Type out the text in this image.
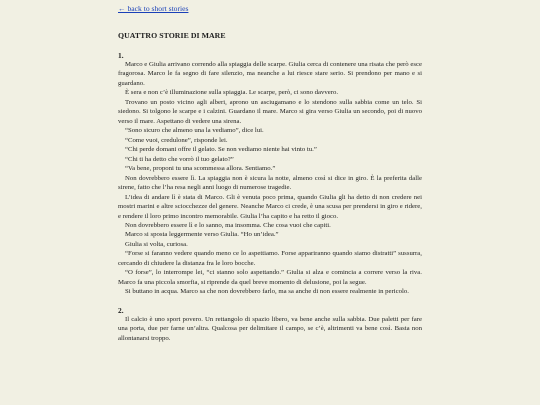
← back to short stories
QUATTRO STORIE DI MARE
1.

Marco e Giulia arrivano correndo alla spiaggia delle scarpe. Giulia cerca di contenere una risata che però esce fragorosa. Marco le fa segno di fare silenzio, ma neanche a lui riesce stare serio. Si prendono per mano e si guardano.

È sera e non c’è illuminazione sulla spiaggia. Le scarpe, però, ci sono davvero.

Trovano un posto vicino agli alberi, aprono un asciugamano e lo stendono sulla sabbia come un telo. Si siedono. Si tolgono le scarpe e i calzini. Guardano il mare. Marco si gira verso Giulia un secondo, poi di nuovo verso il mare. Aspettano di vedere una sirena.

“Sono sicuro che almeno una la vediamo”, dice lui.

“Come vuoi, credulone”, risponde lei.

“Chi perde domani offre il gelato. Se non vediamo niente hai vinto tu.”

“Chi ti ha detto che vorrò il tuo gelato?”

“Va bene, proponi tu una scommessa allora. Sentiamo.”

Non dovrebbero essere lì. La spiaggia non è sicura la notte, almeno così si dice in giro. È la preferita dalle sirene, fatto che l’ha resa negli anni luogo di numerose tragedie.

L’idea di andare lì è stata di Marco. Gli è venuta poco prima, quando Giulia gli ha detto di non credere nei mostri marini e altre sciocchezze del genere. Neanche Marco ci crede, è una scusa per prendersi in giro e ridere, e rendere il loro primo incontro memorabile. Giulia l’ha capito e ha retto il gioco.

Non dovrebbero essere lì e lo sanno, ma insomma. Che cosa vuoi che capiti.

Marco si sposta leggermente verso Giulia. “Ho un’idea.”

Giulia si volta, curiosa.

“Forse si faranno vedere quando meno ce lo aspettiamo. Forse appariranno quando siamo distratti” sussurra, cercando di chiudere la distanza fra le loro bocche.

“O forse”, lo interrompe lei, “ci stanno solo aspettando.” Giulia si alza e comincia a correre verso la riva. Marco fa una piccola smorfia, si riprende da quel breve momento di delusione, poi la segue.

Si buttano in acqua. Marco sa che non dovrebbero farlo, ma sa anche di non essere realmente in pericolo.

2.

Il calcio è uno sport povero. Un rettangolo di spazio libero, va bene anche sulla sabbia. Due paletti per fare una porta, due per farne un’altra. Qualcosa per delimitare il campo, se c’è, altrimenti va bene così. Basta non allontanarsi troppo.
